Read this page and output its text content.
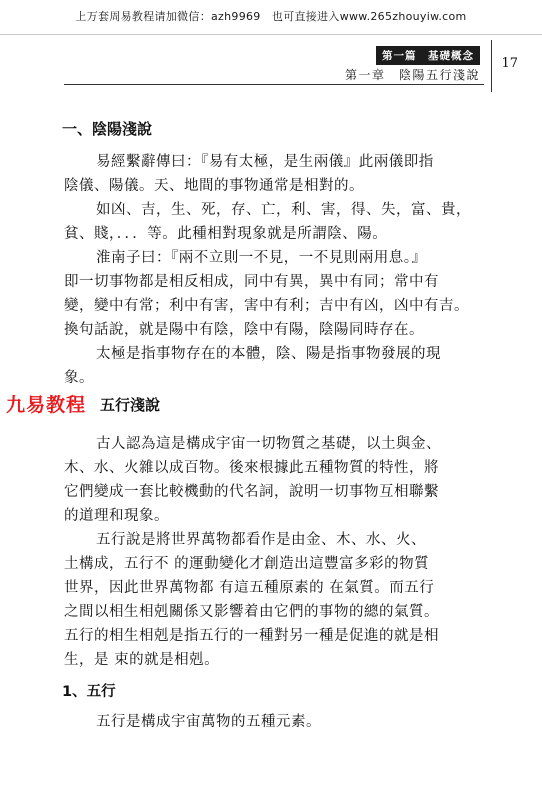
上万套周易教程请加微信：azh9969　也可直接进入www.265zhouyiw.com
第一篇　基礎概念
第一章　陰陽五行淺說
17
一、陰陽淺說
易經繫辭傳曰：『易有太極，是生兩儀』此兩儀即指
陰儀、陽儀。天、地間的事物通常是相對的。
如凶、吉，生、死，存、亡，利、害，得、失，富、貴，
貧、賤，．．．等。此種相對現象就是所謂陰、陽。
淮南子曰：『兩不立則一不見，一不見則兩用息。』
即一切事物都是相反相成，同中有異，異中有同；常中有
變，變中有常；利中有害，害中有利；吉中有凶，凶中有吉。
換句話說，就是陽中有陰，陰中有陽，陰陽同時存在。
太極是指事物存在的本體，陰、陽是指事物發展的現
象。
九易教程 五行淺說
古人認為這是構成宇宙一切物質之基礎，以土與金、
木、水、火雜以成百物。後來根據此五種物質的特性，將
它們變成一套比較機動的代名詞，說明一切事物互相聯繫
的道理和現象。
五行說是將世界萬物都看作是由金、木、水、火、
土構成，五行不 的運動變化才創造出這豐富多彩的物質
世界，因此世界萬物都 有這五種原素的 在氣質。而五行
之間以相生相剋關係又影響着由它們的事物的總的氣質。
五行的相生相剋是指五行的一種對另一種是促進的就是相
生，是 束的就是相剋。
1、五行
五行是構成宇宙萬物的五種元素。
